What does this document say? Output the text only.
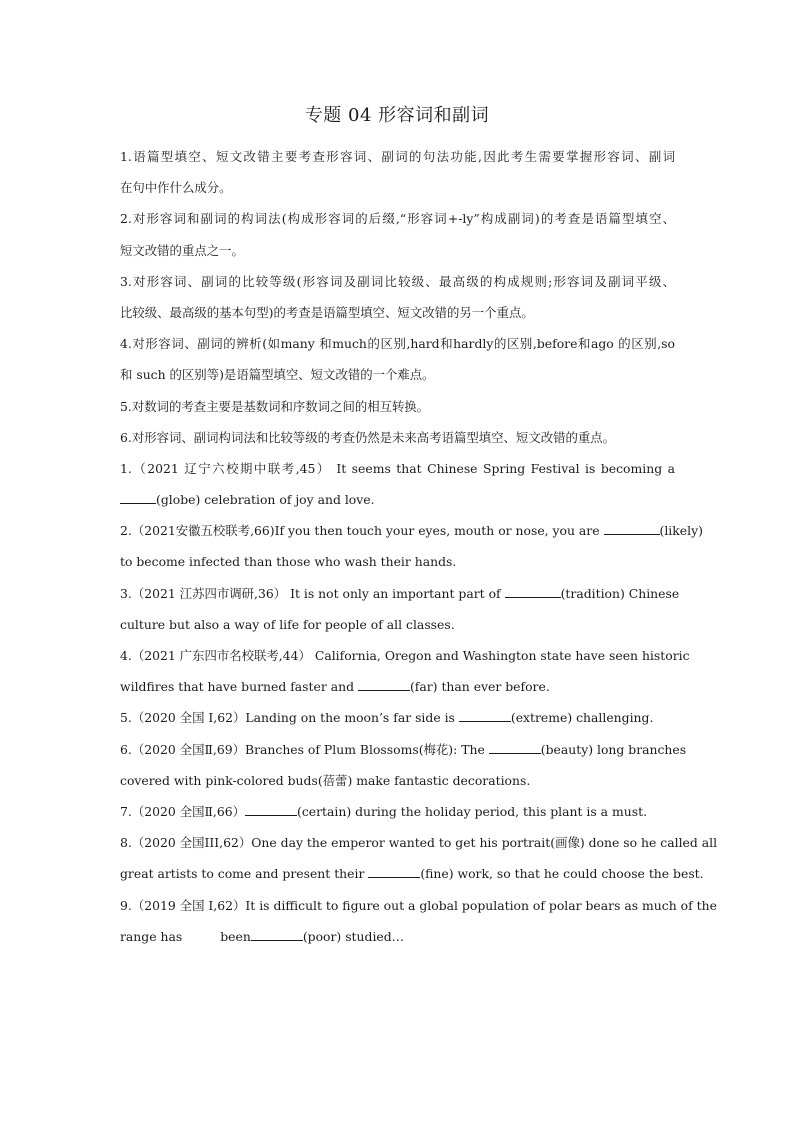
专题 04 形容词和副词
1.语篇型填空、短文改错主要考查形容词、副词的句法功能,因此考生需要掌握形容词、副词
在句中作什么成分。
2.对形容词和副词的构词法(构成形容词的后缀,“形容词+-ly”构成副词)的考查是语篇型填空、
短文改错的重点之一。
3.对形容词、副词的比较等级(形容词及副词比较级、最高级的构成规则;形容词及副词平级、
比较级、最高级的基本句型)的考查是语篇型填空、短文改错的另一个重点。
4.对形容词、副词的辨析(如many 和much的区别,hard和hardly的区别,before和ago 的区别,so
和 such 的区别等)是语篇型填空、短文改错的一个难点。
5.对数词的考查主要是基数词和序数词之间的相互转换。
6.对形容词、副词构词法和比较等级的考查仍然是未来高考语篇型填空、短文改错的重点。
1.（2021 辽宁六校期中联考,45） It seems that Chinese Spring Festival is becoming a
(globe) celebration of joy and love.
2.（2021安徽五校联考,66)If you then touch your eyes, mouth or nose, you are	(likely)
to become infected than those who wash their hands.
3.（2021 江苏四市调研,36） It is not only an important part of	(tradition) Chinese
culture but also a way of life for people of all classes.
4.（2021 广东四市名校联考,44） California, Oregon and Washington state have seen historic
wildfires that have burned faster and	(far) than ever before.
5.（2020 全国 I,62）Landing on the moon’s far side is	(extreme) challenging.
6.（2020 全国Ⅱ,69）Branches of Plum Blossoms(梅花): The	(beauty) long branches
covered with pink-colored buds(蓓蕾) make fantastic decorations.
7.（2020 全国Ⅱ,66）	(certain) during the holiday period, this plant is a must.
8.（2020 全国III,62）One day the emperor wanted to get his portrait(画像) done so he called all
great artists to come and present their	(fine) work, so that he could choose the best.
9.（2019 全国 I,62）It is difficult to figure out a global population of polar bears as much of the
range has	been	(poor) studied…
